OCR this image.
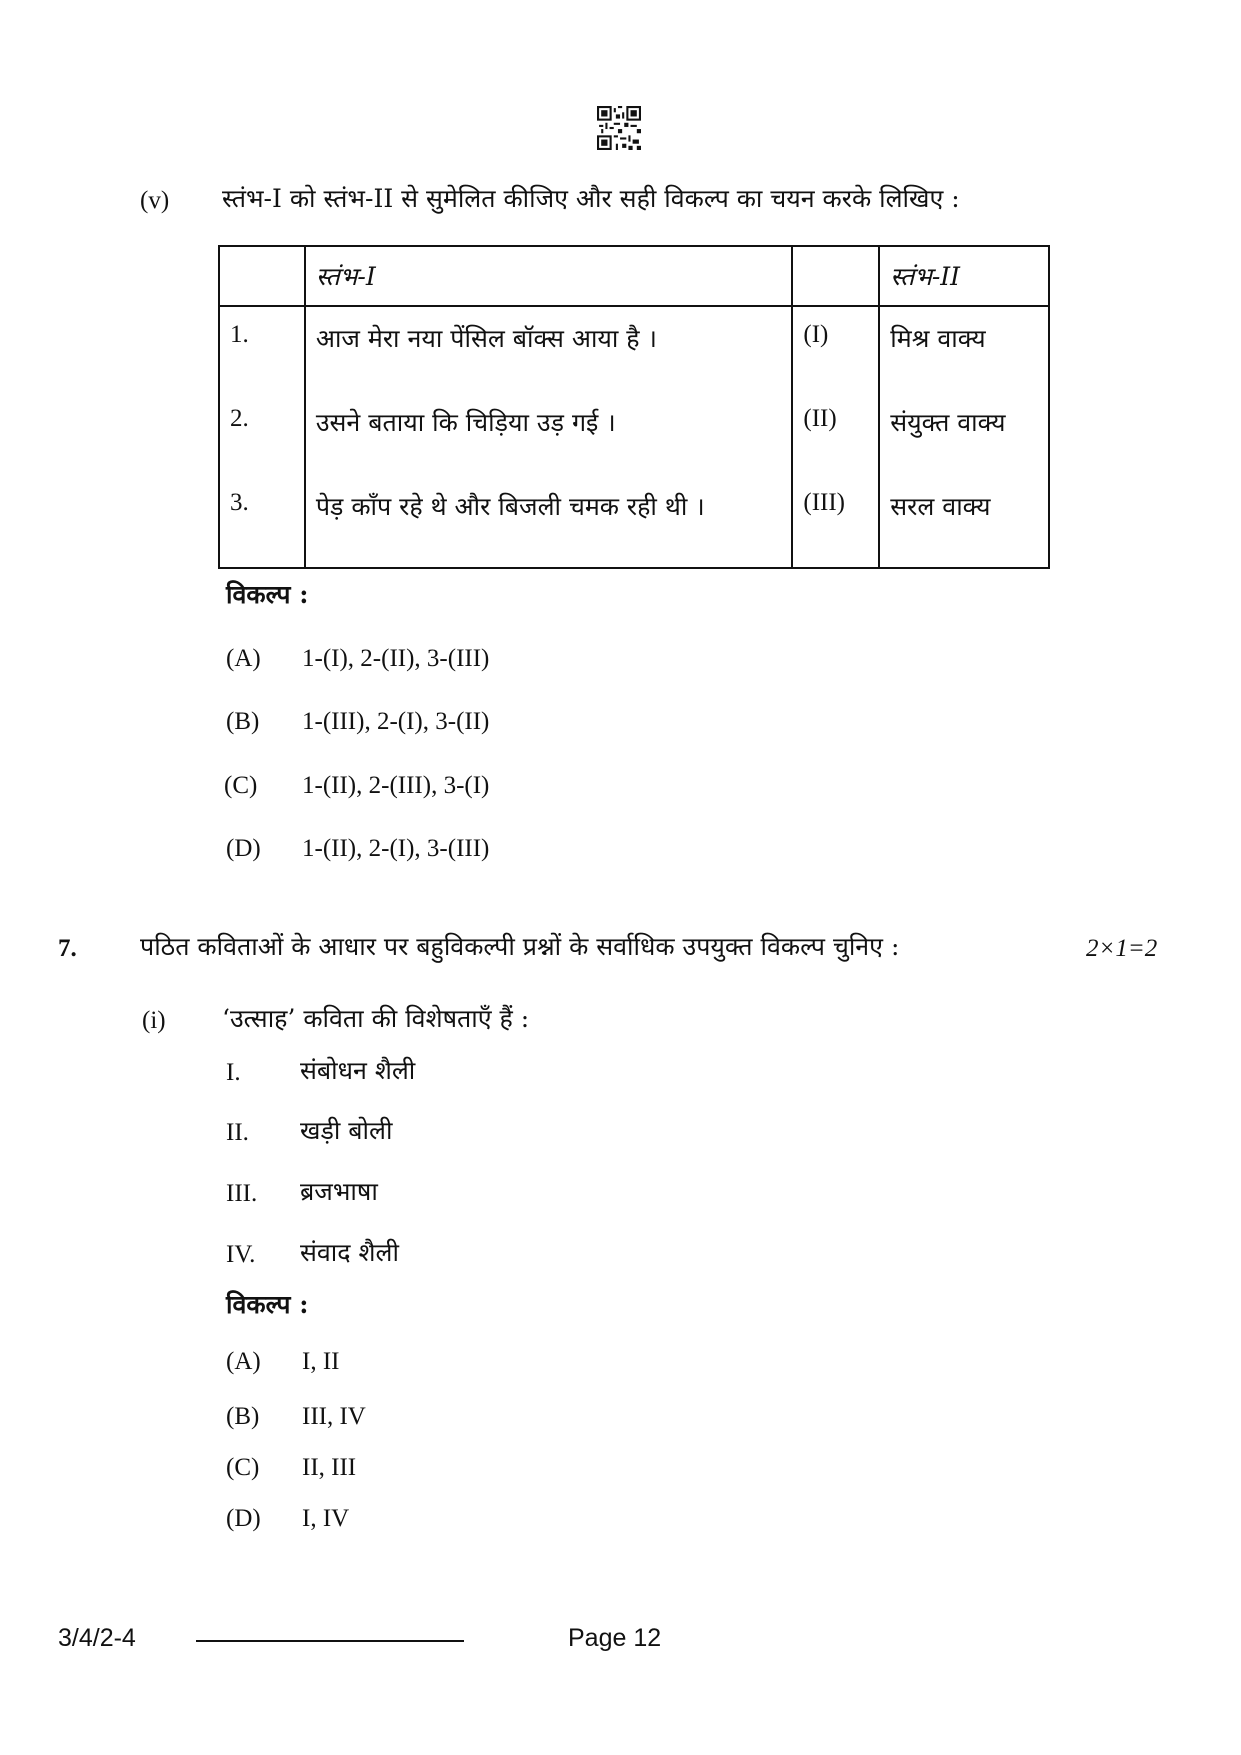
(v) स्तंभ-I को स्तंभ-II से सुमेलित कीजिए और सही विकल्प का चयन करके लिखिए :
	स्तंभ-I		स्तंभ-II

1.	आज मेरा नया पेंसिल बॉक्स आया है ।	(I)	मिश्र वाक्य

2.	उसने बताया कि चिड़िया उड़ गई ।	(II)	संयुक्त वाक्य

3.	पेड़ काँप रहे थे और बिजली चमक रही थी ।	(III)	सरल वाक्य
विकल्प :
(A) 1-(I), 2-(II), 3-(III)
(B) 1-(III), 2-(I), 3-(II)
(C) 1-(II), 2-(III), 3-(I)
(D) 1-(II), 2-(I), 3-(III)
7.	पठित कविताओं के आधार पर बहुविकल्पी प्रश्नों के सर्वाधिक उपयुक्त विकल्प चुनिए :	2×1=2
(i) ‘उत्साह’ कविता की विशेषताएँ हैं :
I. संबोधन शैली
II. खड़ी बोली
III. ब्रजभाषा
IV. संवाद शैली
विकल्प :
(A) I, II
(B) III, IV
(C) II, III
(D) I, IV
3/4/2-4	Page 12
